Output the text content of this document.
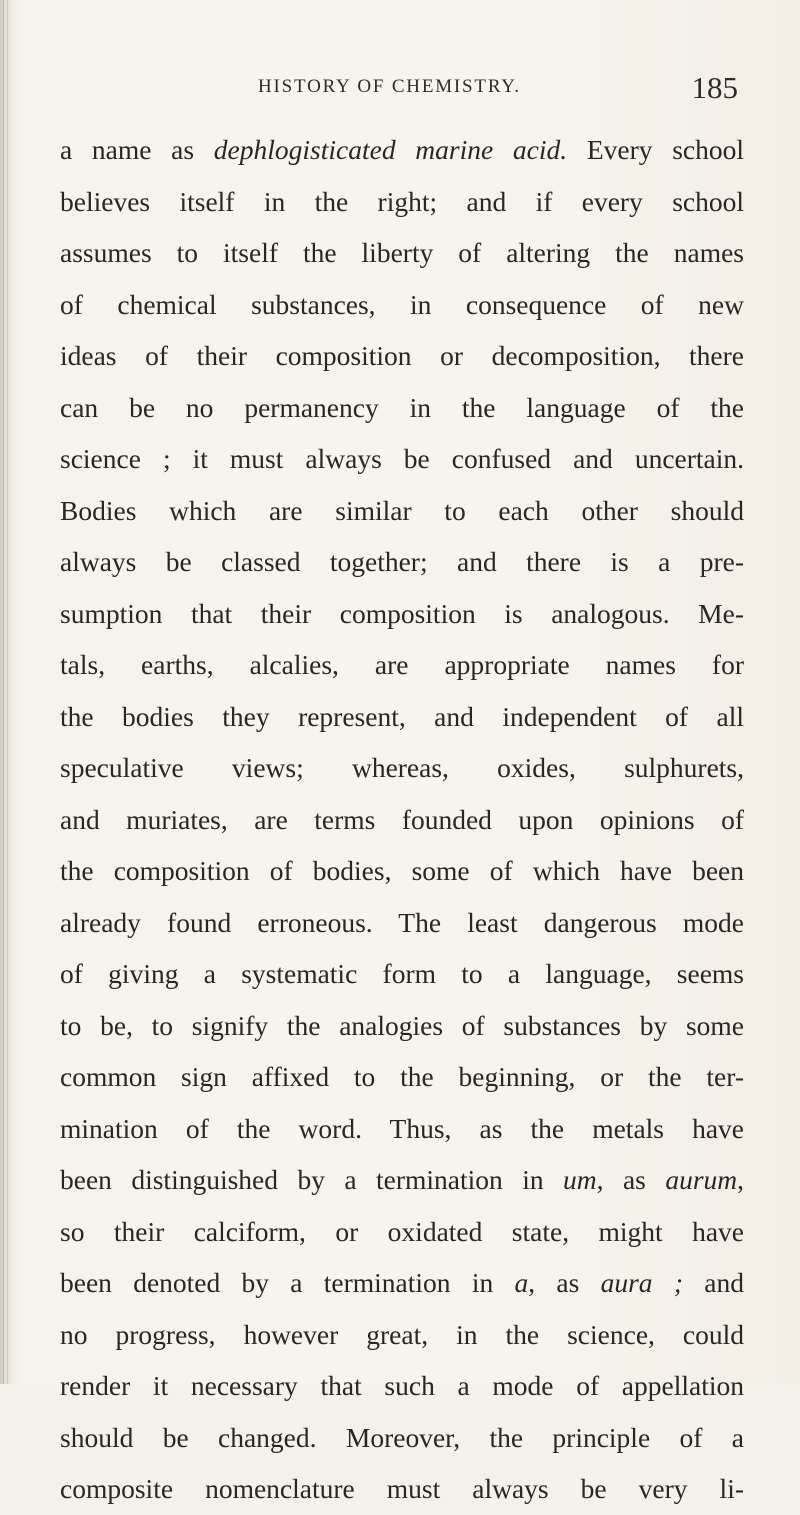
HISTORY OF CHEMISTRY.	185

a name as dephlogisticated marine acid. Every school
believes itself in the right; and if every school
assumes to itself the liberty of altering the names
of chemical substances, in consequence of new
ideas of their composition or decomposition, there
can be no permanency in the language of the
science ; it must always be confused and uncertain.
Bodies which are similar to each other should
always be classed together; and there is a pre-
sumption that their composition is analogous. Me-
tals, earths, alcalies, are appropriate names for
the bodies they represent, and independent of all
speculative views; whereas, oxides, sulphurets,
and muriates, are terms founded upon opinions of
the composition of bodies, some of which have been
already found erroneous. The least dangerous mode
of giving a systematic form to a language, seems
to be, to signify the analogies of substances by some
common sign affixed to the beginning, or the ter-
mination of the word. Thus, as the metals have
been distinguished by a termination in um, as aurum,
so their calciform, or oxidated state, might have
been denoted by a termination in a, as aura ; and
no progress, however great, in the science, could
render it necessary that such a mode of appellation
should be changed. Moreover, the principle of a
composite nomenclature must always be very li-
